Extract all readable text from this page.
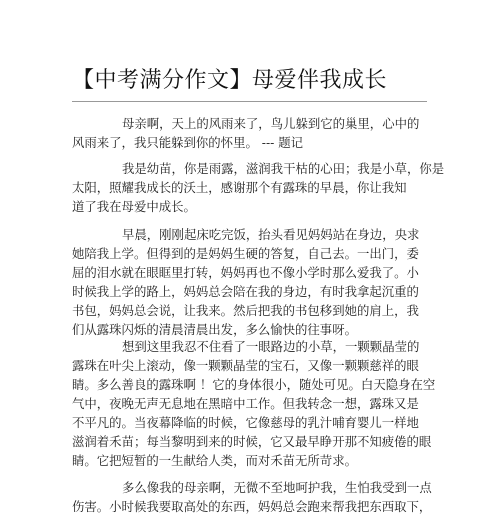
【中考满分作文】母爱伴我成长
母亲啊，天上的风雨来了，鸟儿躲到它的巢里，心中的
风雨来了，我只能躲到你的怀里。 --- 题记
我是幼苗，你是雨露，滋润我干枯的心田；我是小草，你是
太阳，照耀我成长的沃土，感谢那个有露珠的早晨，你让我知
道了我在母爱中成长。
早晨，刚刚起床吃完饭，抬头看见妈妈站在身边，央求
她陪我上学。但得到的是妈妈生硬的答复，自己去。一出门，委
屈的泪水就在眼眶里打转，妈妈再也不像小学时那么爱我了。小
时候我上学的路上，妈妈总会陪在我的身边，有时我拿起沉重的
书包，妈妈总会说，让我来。然后把我的书包移到她的肩上，我
们从露珠闪烁的清晨清晨出发，多么愉快的往事呀。
想到这里我忍不住看了一眼路边的小草，一颗颗晶莹的
露珠在叶尖上滚动，像一颗颗晶莹的宝石，又像一颗颗慈祥的眼
睛。多么善良的露珠啊 ！它的身体很小，随处可见。白天隐身在空
气中，夜晚无声无息地在黑暗中工作。但我转念一想，露珠又是
不平凡的。当夜幕降临的时候，它像慈母的乳汁哺育婴儿一样地
滋润着禾苗；每当黎明到来的时候，它又最早睁开那不知疲倦的眼
睛。它把短暂的一生献给人类，而对禾苗无所苛求。
多么像我的母亲啊，无微不至地呵护我，生怕我受到一点
伤害。小时候我要取高处的东西，妈妈总会跑来帮我把东西取下，
